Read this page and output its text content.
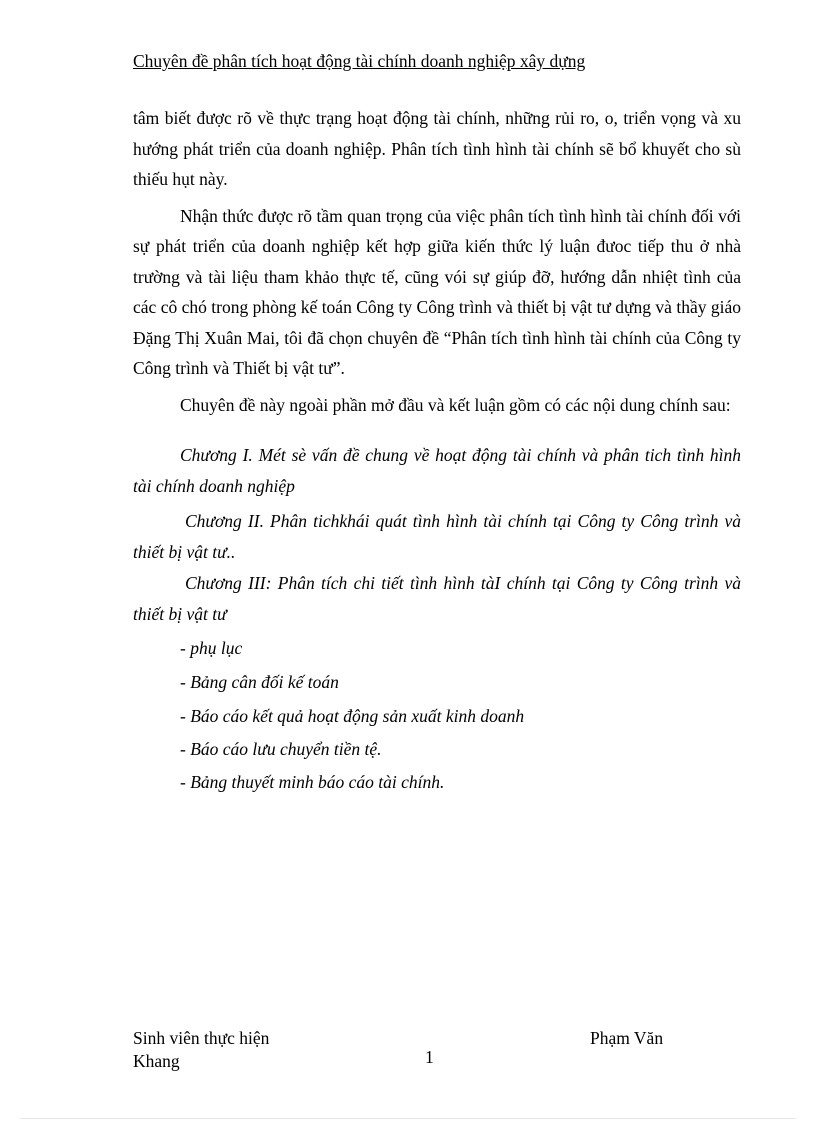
Chuyên đề phân tích hoạt động tài chính doanh nghiệp xây dựng

tâm biết được rõ về thực trạng hoạt động tài chính, những rủi ro, o, triển vọng và xu hướng phát triển của doanh nghiệp. Phân tích tình hình tài chính sẽ bổ khuyết cho sù thiếu hụt này.

Nhận thức được rõ tầm quan trọng của việc phân tích tình hình tài chính đối với sự phát triển của doanh nghiệp kết hợp giữa kiến thức lý luận đưoc tiếp thu ở nhà trường và tài liệu tham khảo thực tế, cũng vói sự giúp đỡ, hướng dẫn nhiệt tình của các cô chó trong phòng kế toán Công ty Công trình và thiết bị vật tư dựng và thầy giáo Đặng Thị Xuân Mai, tôi đã chọn chuyên đề “Phân tích tình hình tài chính của Công ty Công trình và Thiết bị vật tư”.

Chuyên đề này ngoài phần mở đầu và kết luận gồm có các nội dung chính sau:

Chương I. Mét sè vấn đề chung về hoạt động tài chính và phân tich tình hình tài chính doanh nghiệp

Chương II. Phân tichkhái quát tình hình tài chính tại Công ty Công trình và thiết bị vật tư..

Chương III: Phân tích chi tiết tình hình tàI chính tại Công ty Công trình và thiết bị vật tư

- phụ lục
- Bảng cân đối kế toán
- Báo cáo kết quả hoạt động sản xuất kinh doanh
- Báo cáo lưu chuyển tiền tệ.
- Bảng thuyết minh báo cáo tài chính.
Sinh viên thực hiện
Khang	1
Phạm Văn
